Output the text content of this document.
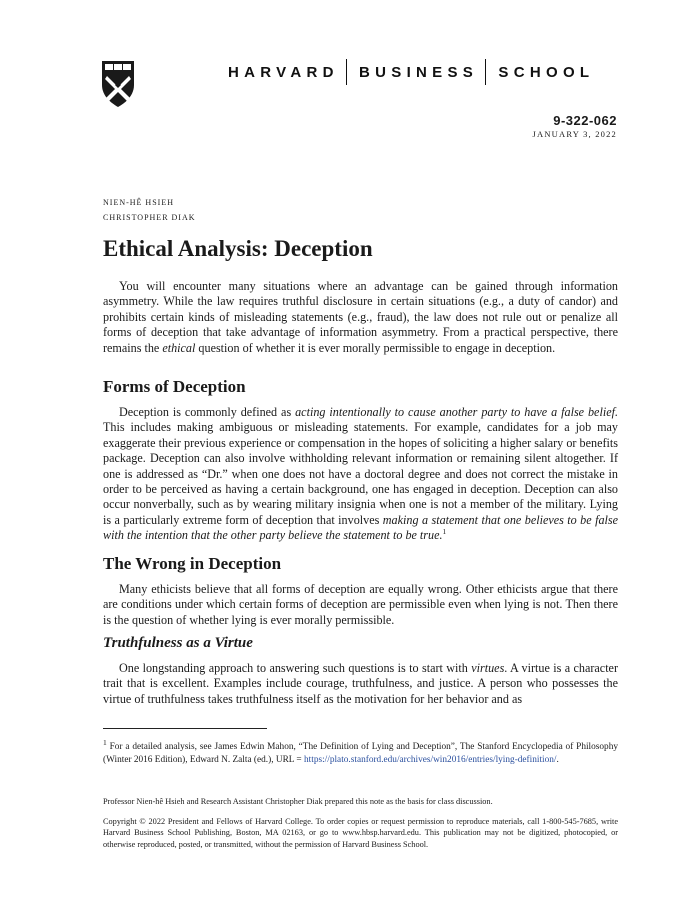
HARVARD BUSINESS SCHOOL
9-322-062
JANUARY 3, 2022
NIEN-HÊ HSIEH
CHRISTOPHER DIAK
Ethical Analysis: Deception

You will encounter many situations where an advantage can be gained through information asymmetry. While the law requires truthful disclosure in certain situations (e.g., a duty of candor) and prohibits certain kinds of misleading statements (e.g., fraud), the law does not rule out or penalize all forms of deception that take advantage of information asymmetry. From a practical perspective, there remains the ethical question of whether it is ever morally permissible to engage in deception.

Forms of Deception

Deception is commonly defined as acting intentionally to cause another party to have a false belief. This includes making ambiguous or misleading statements. For example, candidates for a job may exaggerate their previous experience or compensation in the hopes of soliciting a higher salary or benefits package. Deception can also involve withholding relevant information or remaining silent altogether. If one is addressed as “Dr.” when one does not have a doctoral degree and does not correct the mistake in order to be perceived as having a certain background, one has engaged in deception. Deception can also occur nonverbally, such as by wearing military insignia when one is not a member of the military. Lying is a particularly extreme form of deception that involves making a statement that one believes to be false with the intention that the other party believe the statement to be true.$^1$

The Wrong in Deception

Many ethicists believe that all forms of deception are equally wrong. Other ethicists argue that there are conditions under which certain forms of deception are permissible even when lying is not. Then there is the question of whether lying is ever morally permissible.

Truthfulness as a Virtue

One longstanding approach to answering such questions is to start with virtues. A virtue is a character trait that is excellent. Examples include courage, truthfulness, and justice. A person who possesses the virtue of truthfulness takes truthfulness itself as the motivation for her behavior and as

$^1$ For a detailed analysis, see James Edwin Mahon, “The Definition of Lying and Deception”, The Stanford Encyclopedia of Philosophy (Winter 2016 Edition), Edward N. Zalta (ed.), URL = https://plato.stanford.edu/archives/win2016/entries/lying-definition/.

Professor Nien-hê Hsieh and Research Assistant Christopher Diak prepared this note as the basis for class discussion.

Copyright © 2022 President and Fellows of Harvard College. To order copies or request permission to reproduce materials, call 1-800-545-7685, write Harvard Business School Publishing, Boston, MA 02163, or go to www.hbsp.harvard.edu. This publication may not be digitized, photocopied, or otherwise reproduced, posted, or transmitted, without the permission of Harvard Business School.
